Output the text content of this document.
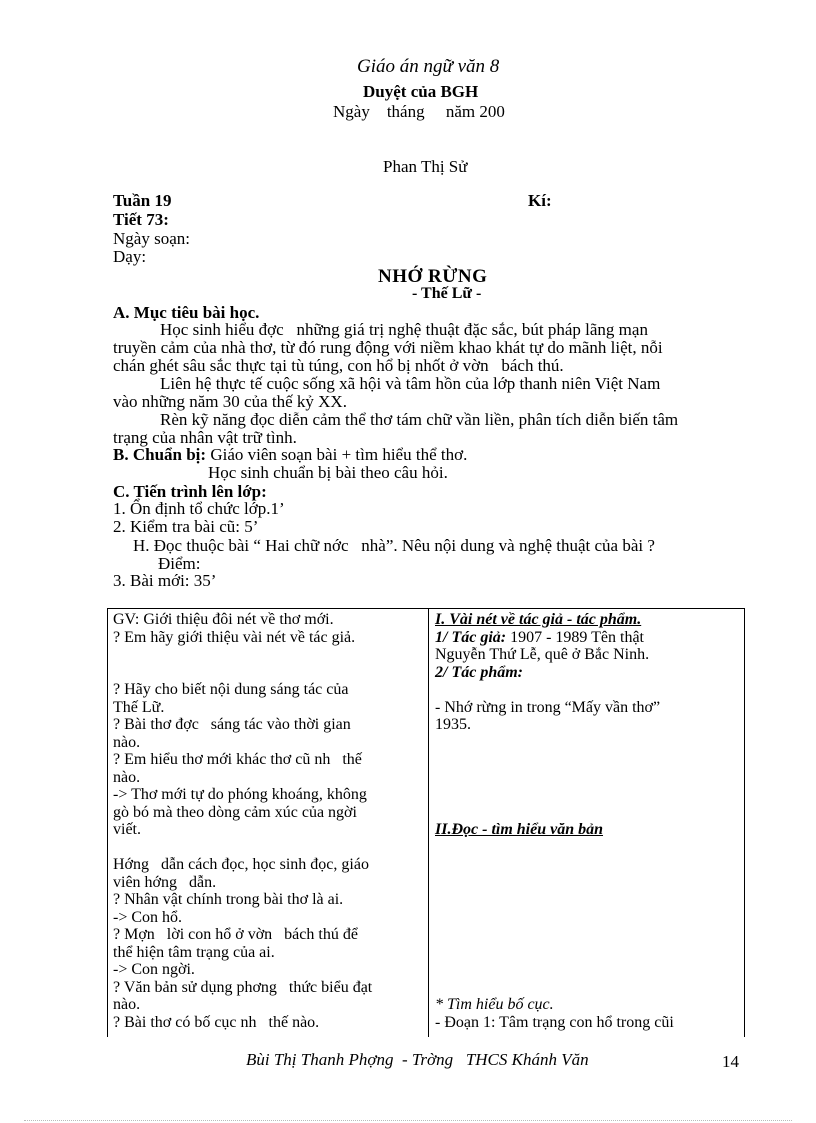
Giáo án ngữ văn 8
Duyệt của BGH
Ngày    tháng     năm 200
Phan Thị Sử
Tuần 19	Kí:
Tiết 73:
Ngày soạn:
Dạy:
NHỚ RỪNG
- Thế Lữ -
A. Mục tiêu bài học.
Học sinh hiểu đợc   những giá trị nghệ thuật đặc sắc, bút pháp lãng mạn
truyền cảm của nhà thơ, từ đó rung động với niềm khao khát tự do mãnh liệt, nỗi
chán ghét sâu sắc thực tại tù túng, con hổ bị nhốt ở vờn   bách thú.
Liên hệ thực tế cuộc sống xã hội và tâm hồn của lớp thanh niên Việt Nam
vào những năm 30 của thế kỷ XX.
Rèn kỹ năng đọc diễn cảm thể thơ tám chữ vần liền, phân tích diễn biến tâm
trạng của nhân vật trữ tình.
B. Chuẩn bị: Giáo viên soạn bài + tìm hiểu thể thơ.
Học sinh chuẩn bị bài theo câu hỏi.
C. Tiến trình lên lớp:
1. Ổn định tổ chức lớp.1’
2. Kiểm tra bài cũ: 5’
H. Đọc thuộc bài “ Hai chữ nớc   nhà”. Nêu nội dung và nghệ thuật của bài ?
Điểm:
3. Bài mới: 35’
GV: Giới thiệu đôi nét về thơ mới.
? Em hãy giới thiệu vài nét về tác giả.

? Hãy cho biết nội dung sáng tác của
Thế Lữ.
? Bài thơ đợc   sáng tác vào thời gian
nào.
? Em hiểu thơ mới khác thơ cũ nh   thế
nào.
-> Thơ mới tự do phóng khoáng, không
gò bó mà theo dòng cảm xúc của ngời
viết.

Hớng   dẫn cách đọc, học sinh đọc, giáo
viên hớng   dẫn.
? Nhân vật chính trong bài thơ là ai.
-> Con hổ.
? Mợn   lời con hổ ở vờn   bách thú để
thể hiện tâm trạng của ai.
-> Con ngời.
? Văn bản sử dụng phơng   thức biểu đạt
nào.
? Bài thơ có bố cục nh   thế nào.
I. Vài nét về tác giả - tác phẩm.
1/ Tác giả: 1907 - 1989 Tên thật
Nguyễn Thứ Lễ, quê ở Bắc Ninh.
2/ Tác phẩm:

- Nhớ rừng in trong “Mấy vần thơ”
1935.

II.Đọc - tìm hiểu văn bản

* Tìm hiểu bố cục.
- Đoạn 1: Tâm trạng con hổ trong cũi
Bùi Thị Thanh Phợng  - Trờng   THCS Khánh Văn	14
